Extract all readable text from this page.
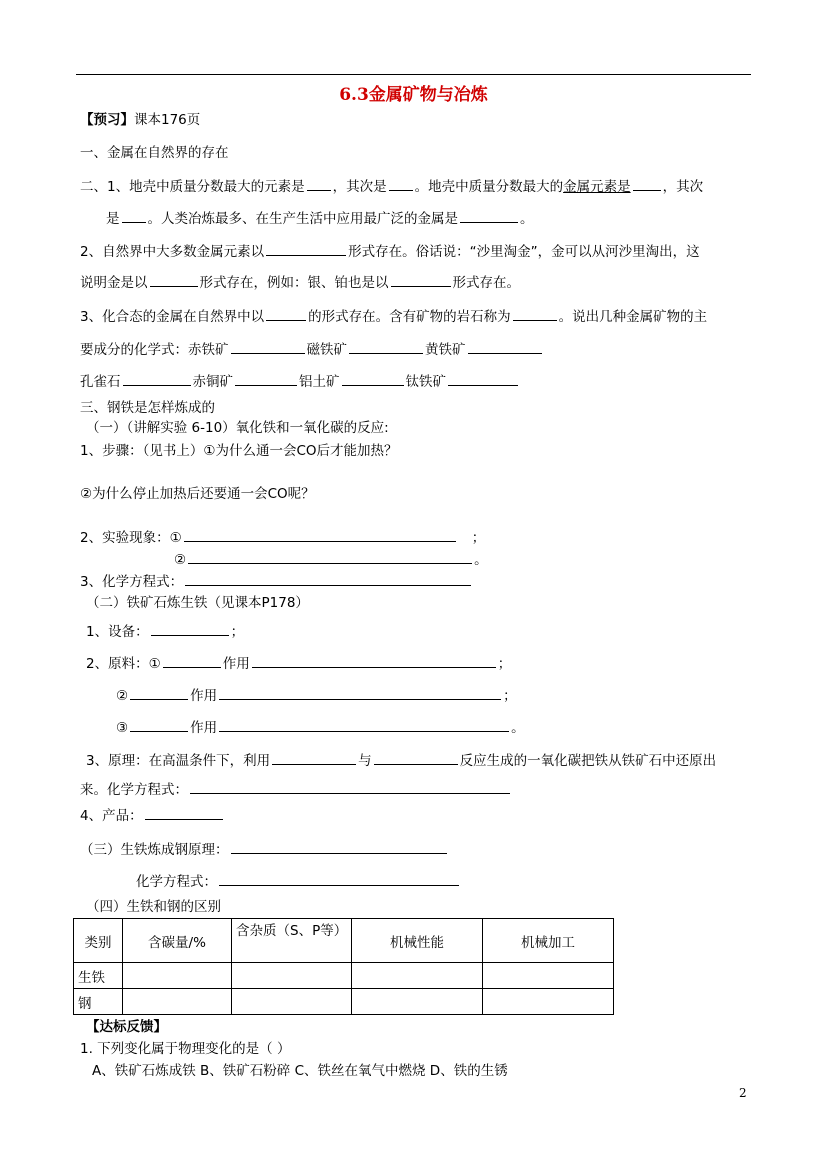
6.3金属矿物与冶炼
【预习】课本176页
一、金属在自然界的存在
二、1、地壳中质量分数最大的元素是 ，其次是 。地壳中质量分数最大的金属元素是 ，其次
是 。人类冶炼最多、在生产生活中应用最广泛的金属是	。
2、自然界中大多数金属元素以	形式存在。俗话说：“沙里淘金”，金可以从河沙里淘出，这
说明金是以	形式存在，例如：银、铂也是以	形式存在。
3、化合态的金属在自然界中以	的形式存在。含有矿物的岩石称为	。说出几种金属矿物的主
要成分的化学式：赤铁矿	磁铁矿	黄铁矿
孔雀石	赤铜矿	铝土矿	钛铁矿
三、钢铁是怎样炼成的
（一）（讲解实验 6-10）氧化铁和一氧化碳的反应:
1、步骤：（见书上）①为什么通一会CO后才能加热？
②为什么停止加热后还要通一会CO呢？
2、实验现象：①	；
②	。
3、化学方程式：
（二）铁矿石炼生铁（见课本P178）
1、设备：	；
2、原料：①	作用	；
②	作用	；
③	作用	。
3、原理：在高温条件下，利用	与	反应生成的一氧化碳把铁从铁矿石中还原出
来。化学方程式：
4、产品：
（三）生铁炼成钢原理：
化学方程式：
（四）生铁和钢的区别
类别	含碳量/%	含杂质（S、P等）	机械性能	机械加工
生铁				
钢				
【达标反馈】
1. 下列变化属于物理变化的是（ ）
A、铁矿石炼成铁 B、铁矿石粉碎 C、铁丝在氧气中燃烧 D、铁的生锈
2
